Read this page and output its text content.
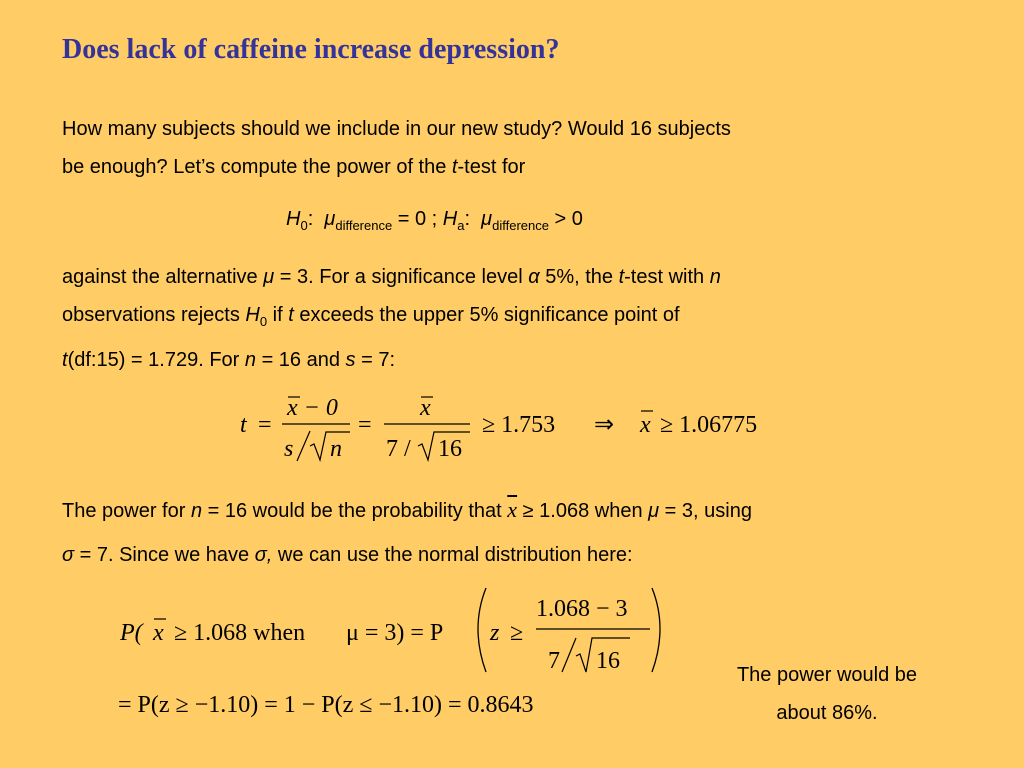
Does lack of caffeine increase depression?

How many subjects should we include in our new study? Would 16 subjects
be enough? Let’s compute the power of the t-test for

$H_0$: $\mu_{difference} = 0$ ; $H_a$: $\mu_{difference} > 0$

against the alternative μ = 3. For a significance level α 5%, the t-test with n
observations rejects $H_0$ if t exceeds the upper 5% significance point of
t(df:15) = 1.729. For n = 16 and s = 7:

t =
x − 0
s n
=
x
7 / 16
≥ 1.753 ⇒ x ≥ 1.06775

The power for n = 16 would be the probability that $\overline{x} \ge 1.068$ when μ = 3, using
σ = 7. Since we have σ, we can use the normal distribution here:

P( x ≥ 1.068 when μ = 3) = P z ≥
1.068 − 3
7 16
= P(z ≥ −1.10) = 1 − P(z ≤ −1.10) = 0.8643
The power would be
about 86%.
